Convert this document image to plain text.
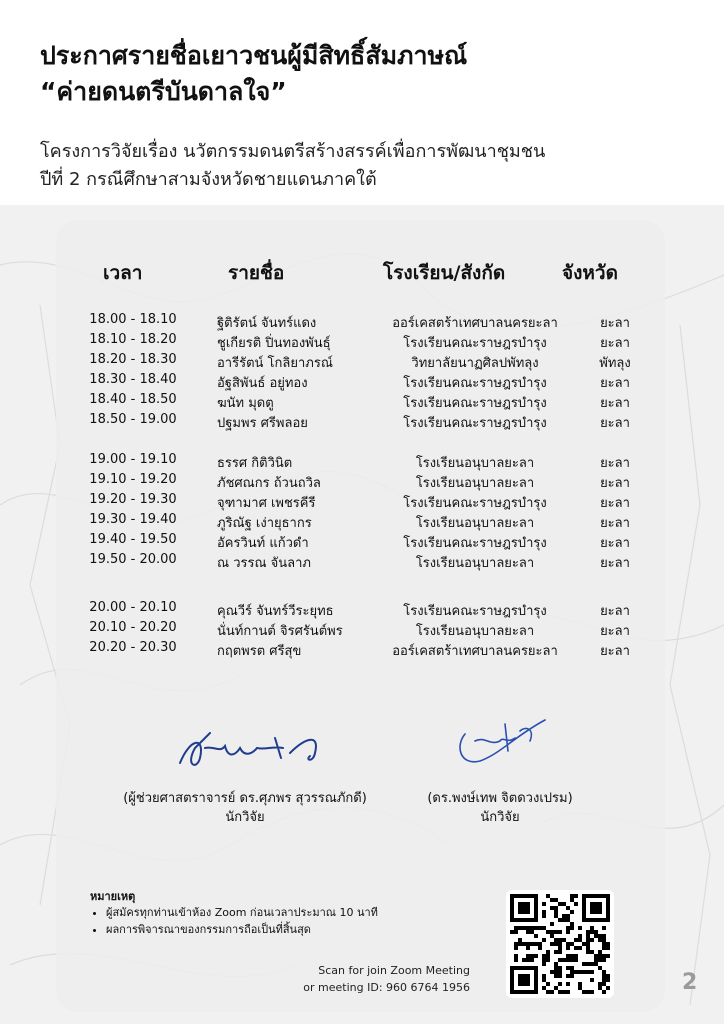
ประกาศรายชื่อเยาวชนผู้มีสิทธิ์สัมภาษณ์
“ค่ายดนตรีบันดาลใจ”
โครงการวิจัยเรื่อง นวัตกรรมดนตรีสร้างสรรค์เพื่อการพัฒนาชุมชน
ปีที่ 2 กรณีศึกษาสามจังหวัดชายแดนภาคใต้
เวลา	รายชื่อ	โรงเรียน/สังกัด	จังหวัด
18.00 - 18.10	ฐิติรัตน์ จันทร์แดง	ออร์เคสตร้าเทศบาลนครยะลา	ยะลา
18.10 - 18.20	ชูเกียรติ ปิ่นทองพันธุ์	โรงเรียนคณะราษฎรบำรุง	ยะลา
18.20 - 18.30	อารีรัตน์ โกลิยาภรณ์	วิทยาลัยนาฏศิลปพัทลุง	พัทลุง
18.30 - 18.40	อัฐสิพันธ์ อยู่ทอง	โรงเรียนคณะราษฎรบำรุง	ยะลา
18.40 - 18.50	ฆนัท มุดตู	โรงเรียนคณะราษฎรบำรุง	ยะลา
18.50 - 19.00	ปฐมพร ศรีพลอย	โรงเรียนคณะราษฎรบำรุง	ยะลา
19.00 - 19.10	ธรรศ กิติวินิต	โรงเรียนอนุบาลยะลา	ยะลา
19.10 - 19.20	ภัชศณกร ถ้วนถวิล	โรงเรียนอนุบาลยะลา	ยะลา
19.20 - 19.30	จุฑามาศ เพชรคีรี	โรงเรียนคณะราษฎรบำรุง	ยะลา
19.30 - 19.40	ภูริณัฐ เง่ายุธากร	โรงเรียนอนุบาลยะลา	ยะลา
19.40 - 19.50	อัครวินท์ แก้วดำ	โรงเรียนคณะราษฎรบำรุง	ยะลา
19.50 - 20.00	ณ วรรณ จันลาภ	โรงเรียนอนุบาลยะลา	ยะลา
20.00 - 20.10	คุณวีร์ จันทร์วีระยุทธ	โรงเรียนคณะราษฎรบำรุง	ยะลา
20.10 - 20.20	นั่นท์กานต์ จิรศรันต์พร	โรงเรียนอนุบาลยะลา	ยะลา
20.20 - 20.30	กฤตพรต ศรีสุข	ออร์เคสตร้าเทศบาลนครยะลา	ยะลา
(ผู้ช่วยศาสตราจารย์ ดร.ศุภพร สุวรรณภักดี)
นักวิจัย
(ดร.พงษ์เทพ จิตดวงเปรม)
นักวิจัย
หมายเหตุ
• ผู้สมัครทุกท่านเข้าห้อง Zoom ก่อนเวลาประมาณ 10 นาที
• ผลการพิจารณาของกรรมการถือเป็นที่สิ้นสุด
Scan for join Zoom Meeting
or meeting ID: 960 6764 1956	2
